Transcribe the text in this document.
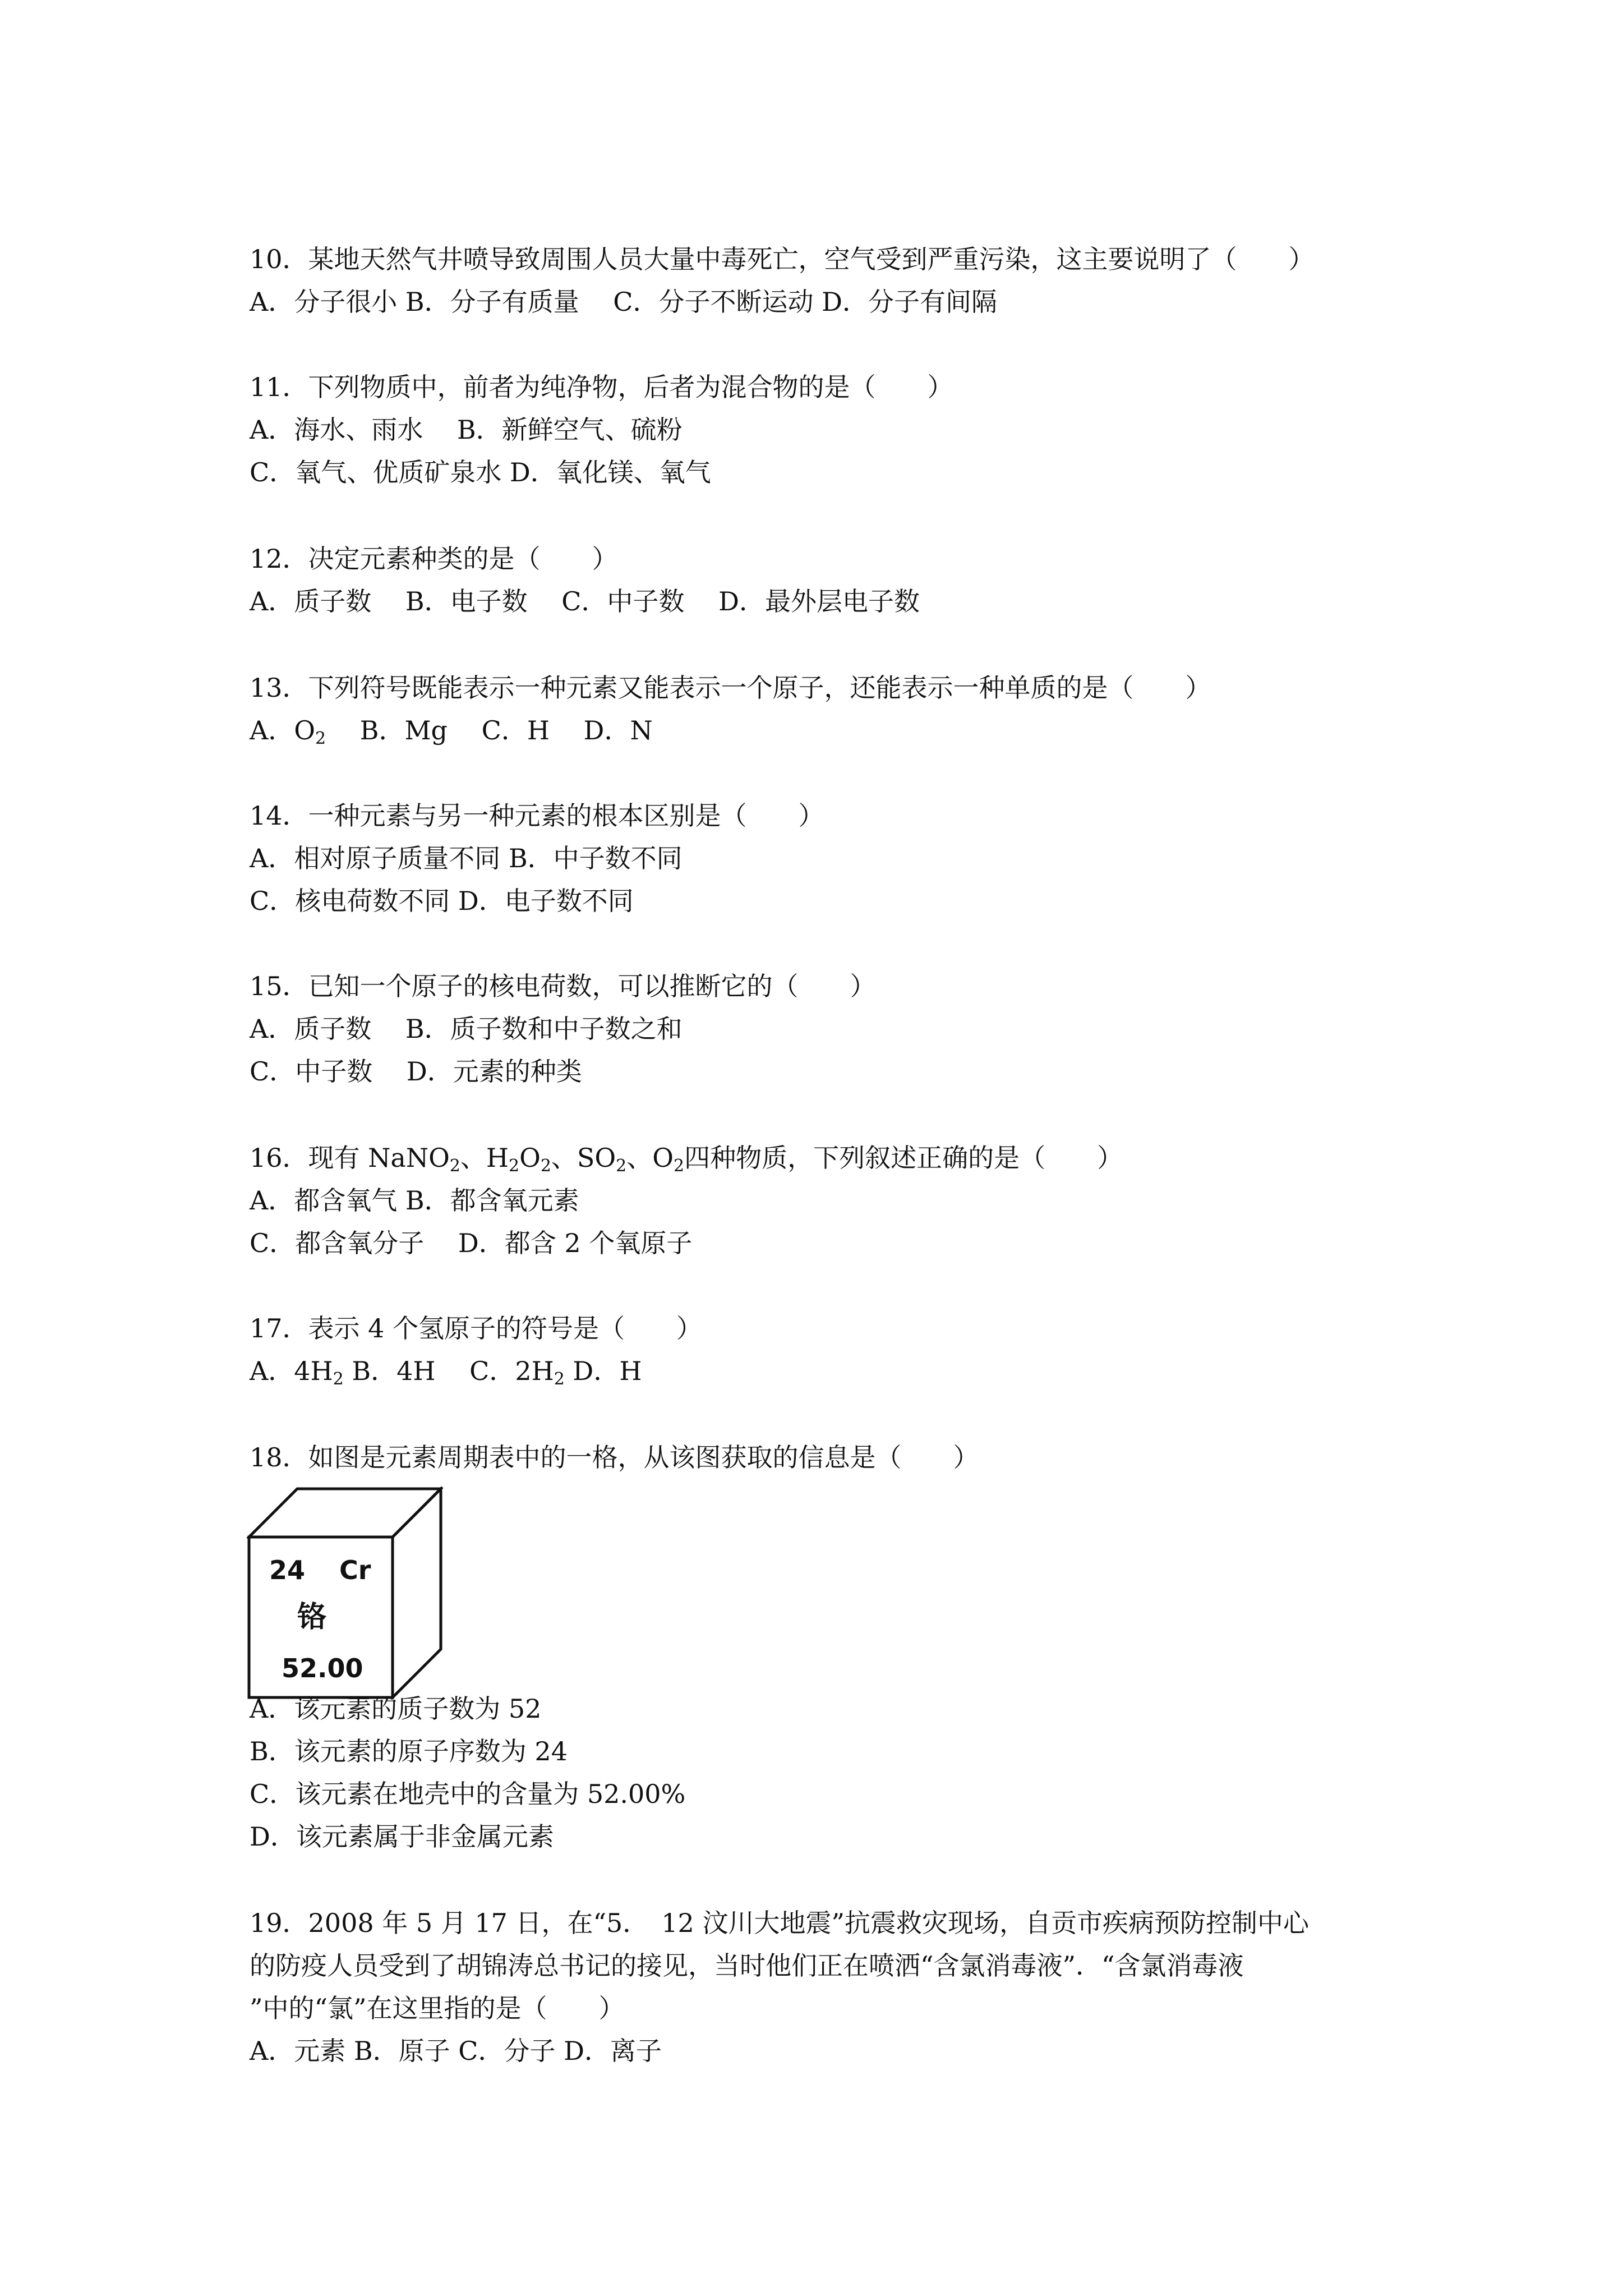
10．某地天然气井喷导致周围人员大量中毒死亡，空气受到严重污染，这主要说明了（　　）
A．分子很小 B．分子有质量　 C．分子不断运动 D．分子有间隔
11．下列物质中，前者为纯净物，后者为混合物的是（　　）
A．海水、雨水　 B．新鲜空气、硫粉
C．氧气、优质矿泉水 D．氧化镁、氧气
12．决定元素种类的是（　　）
A．质子数　 B．电子数　 C．中子数　 D．最外层电子数
13．下列符号既能表示一种元素又能表示一个原子，还能表示一种单质的是（　　）
A．$O_2$　 B．Mg　 C．H　 D．N
14．一种元素与另一种元素的根本区别是（　　）
A．相对原子质量不同 B．中子数不同
C．核电荷数不同 D．电子数不同
15．已知一个原子的核电荷数，可以推断它的（　　）
A．质子数　 B．质子数和中子数之和
C．中子数　 D．元素的种类
16．现有 NaNO$_2$、$H_2O_2$、$SO_2$、$O_2$四种物质，下列叙述正确的是（　　）
A．都含氧气 B．都含氧元素
C．都含氧分子　 D．都含 2 个氧原子
17．表示 4 个氢原子的符号是（　　）
A．$4H_2$ B．4H　 C．$2H_2$ D．H
18．如图是元素周期表中的一格，从该图获取的信息是（　　）
24 Cr
铬
52.00
A．该元素的质子数为 52
B．该元素的原子序数为 24
C．该元素在地壳中的含量为 52.00%
D．该元素属于非金属元素
19．2008 年 5 月 17 日，在“5．　12 汶川大地震”抗震救灾现场，自贡市疾病预防控制中心
的防疫人员受到了胡锦涛总书记的接见，当时他们正在喷洒“含氯消毒液”．“含氯消毒液
”中的“氯”在这里指的是（　　）
A．元素 B．原子 C．分子 D．离子
